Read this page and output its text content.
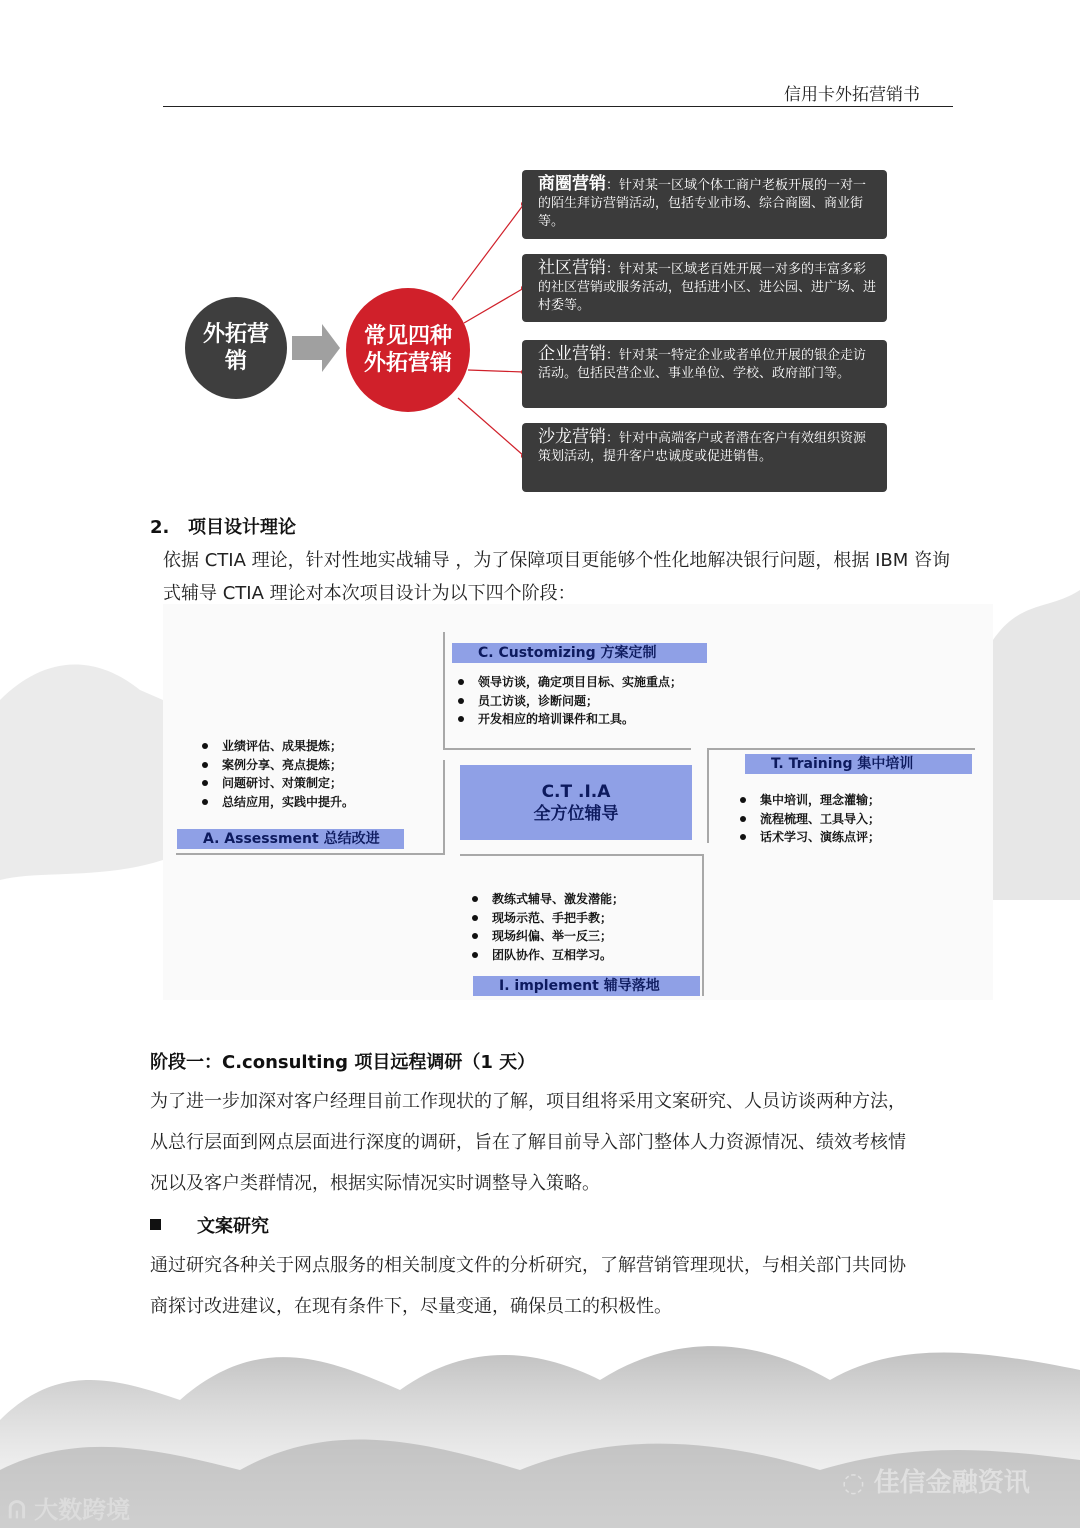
信用卡外拓营销书
外拓营销
常见四种外拓营销
商圈营销：针对某一区域个体工商户老板开展的一对一的陌生拜访营销活动，包括专业市场、综合商圈、商业街等。
社区营销：针对某一区域老百姓开展一对多的丰富多彩的社区营销或服务活动，包括进小区、进公园、进广场、进村委等。
企业营销：针对某一特定企业或者单位开展的银企走访活动。包括民营企业、事业单位、学校、政府部门等。
沙龙营销：针对中高端客户或者潜在客户有效组织资源策划活动，提升客户忠诚度或促进销售。
2. 项目设计理论
依据 CTIA 理论，针对性地实战辅导 ，为了保障项目更能够个性化地解决银行问题，根据 IBM 咨询式辅导 CTIA 理论对本次项目设计为以下四个阶段：
C. Customizing 方案定制
领导访谈，确定项目目标、实施重点；
员工访谈，诊断问题；
开发相应的培训课件和工具。
业绩评估、成果提炼；
案例分享、亮点提炼；
问题研讨、对策制定；
总结应用，实践中提升。
A. Assessment 总结改进
C.T .I.A
全方位辅导
T. Training 集中培训
集中培训，理念灌输；
流程梳理、工具导入；
话术学习、演练点评；
教练式辅导、激发潜能；
现场示范、手把手教；
现场纠偏、举一反三；
团队协作、互相学习。
I. implement 辅导落地
阶段一：C.consulting 项目远程调研（1 天）
为了进一步加深对客户经理目前工作现状的了解，项目组将采用文案研究、人员访谈两种方法，
从总行层面到网点层面进行深度的调研，旨在了解目前导入部门整体人力资源情况、绩效考核情
况以及客户类群情况，根据实际情况实时调整导入策略。
文案研究
通过研究各种关于网点服务的相关制度文件的分析研究，了解营销管理现状，与相关部门共同协
商探讨改进建议，在现有条件下，尽量变通，确保员工的积极性。
ᕬ 大数跨境
◌ 佳信金融资讯
